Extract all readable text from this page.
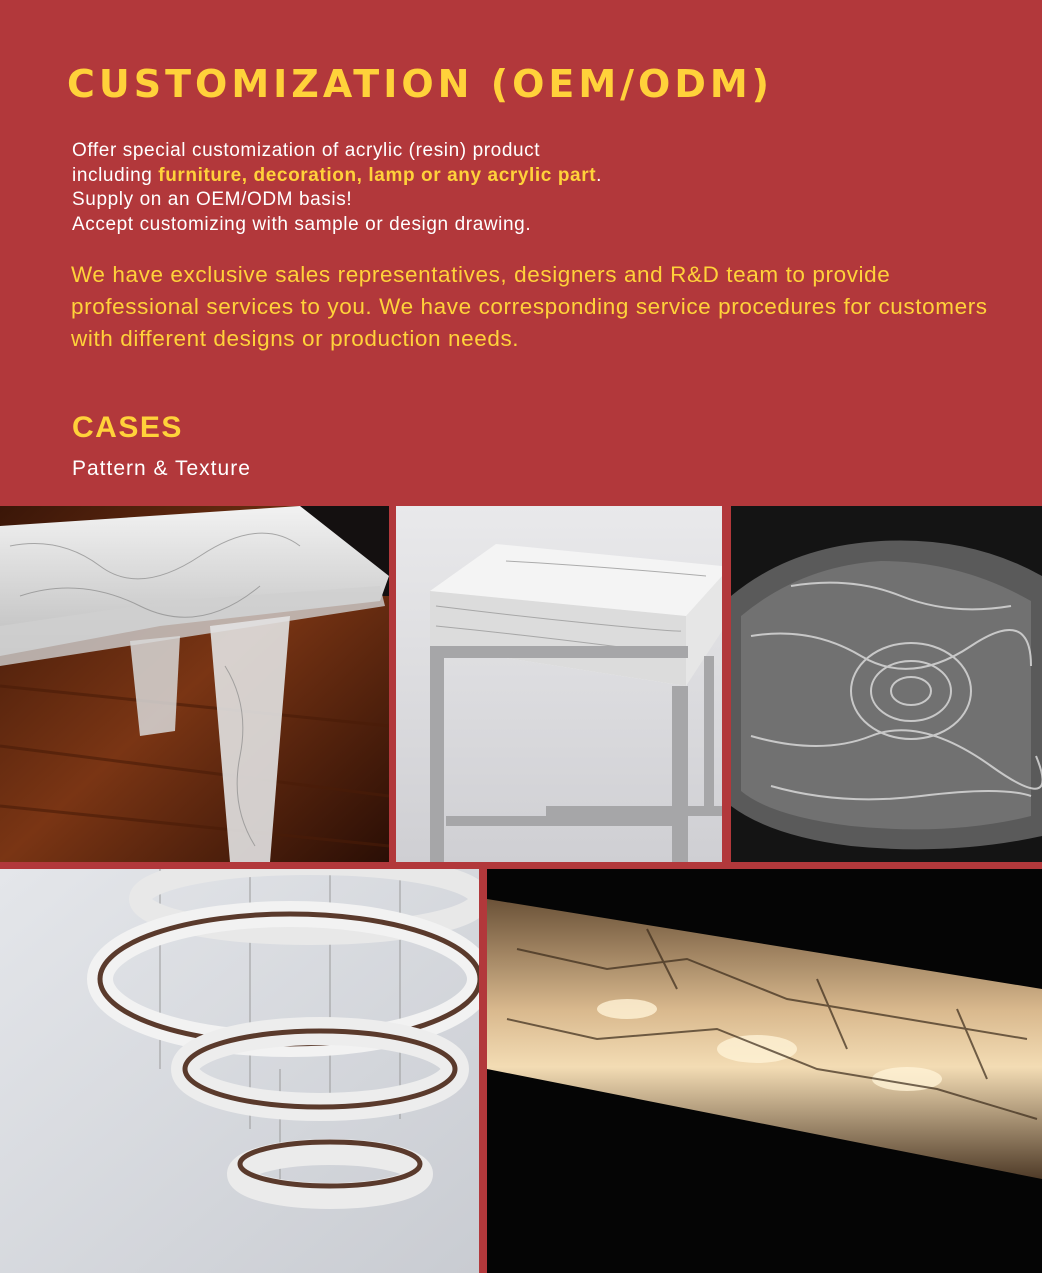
CUSTOMIZATION (OEM/ODM)
Offer special customization of acrylic (resin) product
including furniture, decoration, lamp or any acrylic part.
Supply on an OEM/ODM basis!
Accept customizing with sample or design drawing.
We have exclusive sales representatives, designers and R&D team to provide professional services to you. We have corresponding service procedures for customers with different designs or production needs.
CASES
Pattern & Texture
